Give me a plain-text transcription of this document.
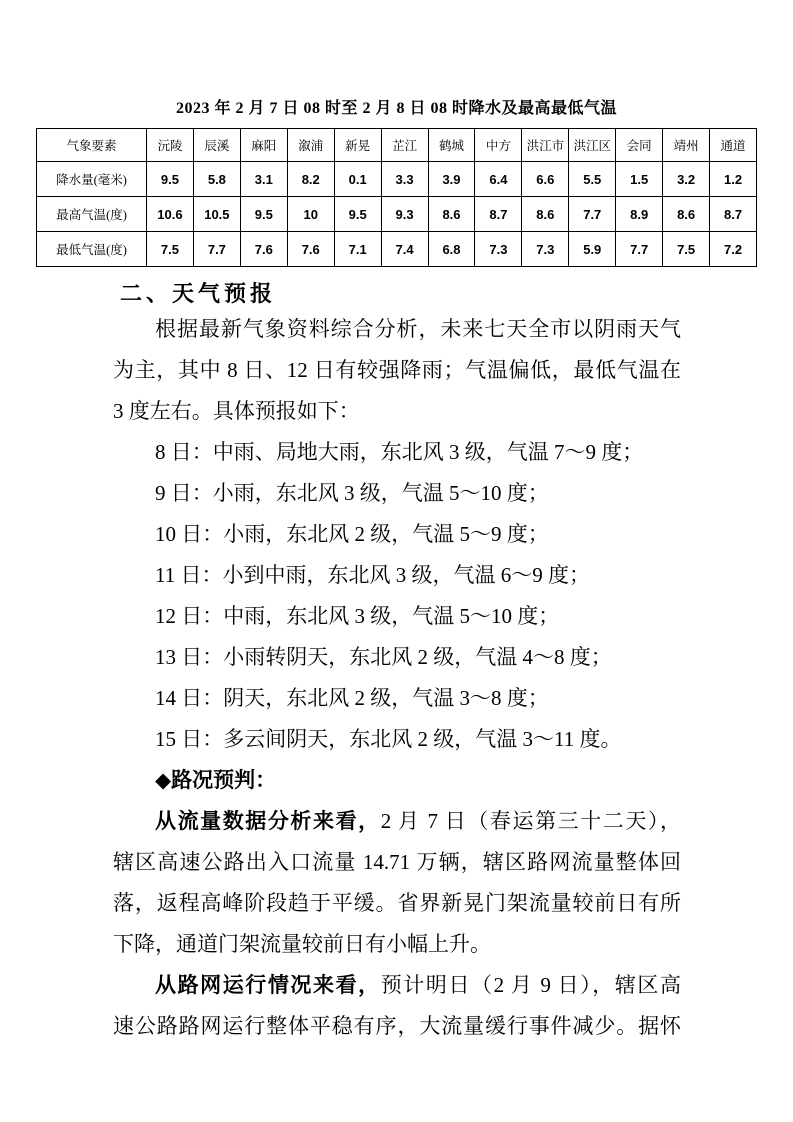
2023 年 2 月 7 日 08 时至 2 月 8 日 08 时降水及最高最低气温
气象要素	沅陵	辰溪	麻阳	溆浦	新晃	芷江	鹤城	中方	洪江市	洪江区	会同	靖州	通道
降水量(毫米)	9.5	5.8	3.1	8.2	0.1	3.3	3.9	6.4	6.6	5.5	1.5	3.2	1.2
最高气温(度)	10.6	10.5	9.5	10	9.5	9.3	8.6	8.7	8.6	7.7	8.9	8.6	8.7
最低气温(度)	7.5	7.7	7.6	7.6	7.1	7.4	6.8	7.3	7.3	5.9	7.7	7.5	7.2
二、天气预报
根据最新气象资料综合分析，未来七天全市以阴雨天气
为主，其中 8 日、12 日有较强降雨；气温偏低，最低气温在
3 度左右。具体预报如下：
8 日：中雨、局地大雨，东北风 3 级，气温 7～9 度；
9 日：小雨，东北风 3 级，气温 5～10 度；
10 日：小雨，东北风 2 级，气温 5～9 度；
11 日：小到中雨，东北风 3 级，气温 6～9 度；
12 日：中雨，东北风 3 级，气温 5～10 度；
13 日：小雨转阴天，东北风 2 级，气温 4～8 度；
14 日：阴天，东北风 2 级，气温 3～8 度；
15 日：多云间阴天，东北风 2 级，气温 3～11 度。
◆路况预判：
从流量数据分析来看，2 月 7 日（春运第三十二天），
辖区高速公路出入口流量 14.71 万辆，辖区路网流量整体回
落，返程高峰阶段趋于平缓。省界新晃门架流量较前日有所
下降，通道门架流量较前日有小幅上升。
从路网运行情况来看，预计明日（2 月 9 日），辖区高
速公路路网运行整体平稳有序，大流量缓行事件减少。据怀
